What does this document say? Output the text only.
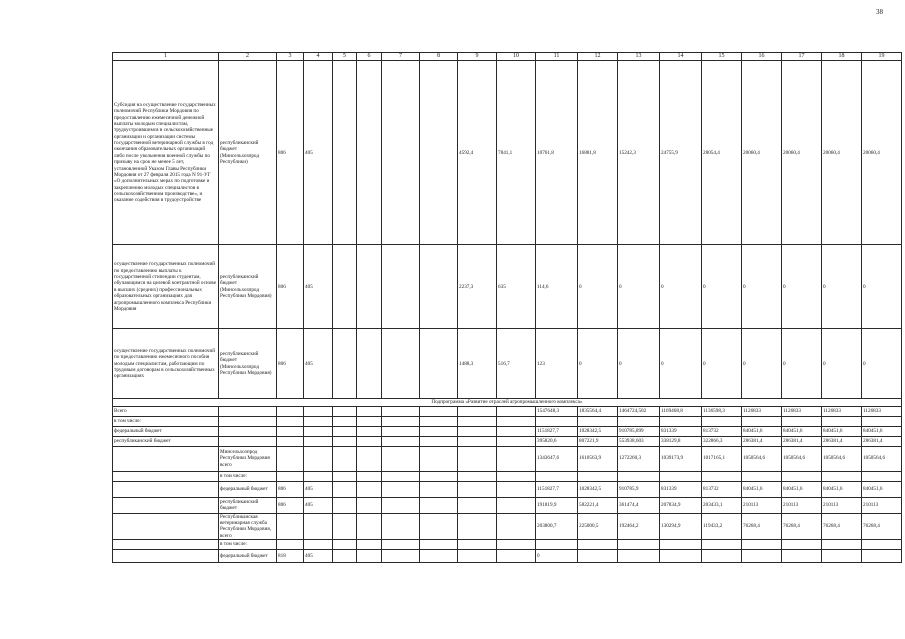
38
1	2	3	4	5	6	7	8	9	10	11	12	13	14	15	16	17	18	19
Субсидия на осуществление государственных полномочий Республики Мордовия по предоставлению ежемесячной денежной выплаты молодым специалистам, трудоустроившимся в сельскохозяйственные организации и организации системы государственной ветеринарной службы в год окончания образовательных организаций либо после увольнения военной службы по призыву на срок не менее 5 лет, установленной Указом Главы Республики Мордовия от 27 февраля 2015 года N 91-УГ «О дополнительных мерах по подготовке и закреплению молодых специалистов в сельскохозяйственном производстве», и оказание содействия в трудоустройстве	республиканский бюджет (Минсельхозпрод Республики)	806	405					4592,4	7841,1	10761,8	16881,8	15242,3	24755,9	28054,4	20060,4	20060,4	20060,4	20060,4
осуществление государственных полномочий по предоставлению выплаты к государственной стипендии студентам, обучающимся на целевой контрактной основе в высших (средних) профессиональных образовательных организациях для агропромышленного комплекса Республики Мордовия	республиканский бюджет (Минсельхозпрод Республики Мордовия)	806	405					2237,3	635	114,6	0	0	0	0	0	0	0	0
осуществление государственных полномочий по предоставлению ежемесячного пособия молодым специалистам, работающим по трудовым договорам в сельскохозяйственных организациях	республиканский бюджет (Минсельхозпрод Республики Мордовия)	806	405					1488,3	516,7	123	0	0	0	0	0	0	0	0
Подпрограмма «Развитие отраслей агропромышленного комплекса»																		
Всего										1547648,3	1835564,4	1464724,502	1169468,8	1136598,3	1126833	1126833	1126833	1126833
в том числе:																		
федеральный бюджет										1151827,7	1028342,5	910785,899	831339	813732	840451,6	840451,6	840451,6	840451,6
республиканский бюджет										395820,6	807221,9	553938,603	338129,8	322866,3	286381,4	286381,4	286381,4	286381,4
	Минсельхозпрод Республики Мордовия всего									1343647,6	1610563,9	1272260,3	1039173,9	1017165,1	1050564,6	1050564,6	1050564,6	1050564,6
	в том числе:																	
	федеральный бюджет	806	405							1151827,7	1028342,5	910785,9	831339	813732	840451,6	840451,6	840451,6	840451,6
	республиканский бюджет	806	405							191819,9	582221,4	361474,4	207834,9	203433,1	210113	210113	210113	210113
	Республиканская ветеринарная служба Республики Мордовия, всего									203800,7	225000,5	192464,2	130294,9	119433,2	76268,4	76268,4	76268,4	76268,4
	в том числе:																	
	федеральный бюджет	818	405							0								
